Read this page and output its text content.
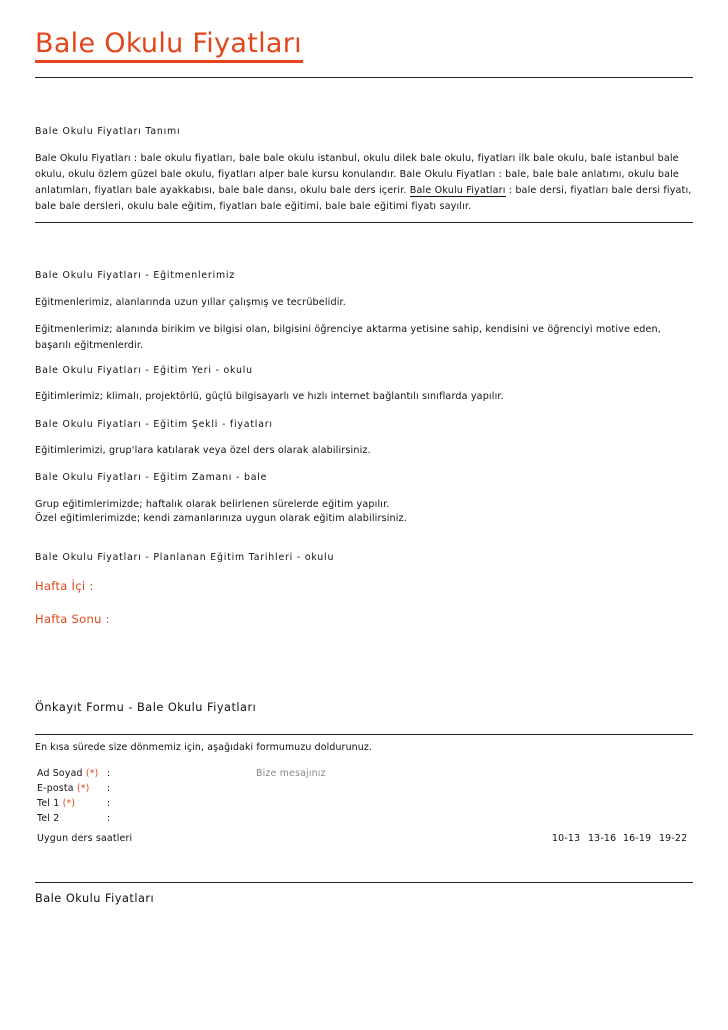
Bale Okulu Fiyatları
Bale Okulu Fiyatları Tanımı

Bale Okulu Fiyatları : bale okulu fiyatları, bale bale okulu istanbul, okulu dilek bale okulu, fiyatları ilk bale okulu, bale istanbul bale okulu, okulu özlem güzel bale okulu, fiyatları alper bale kursu konulandır. Bale Okulu Fiyatları : bale, bale bale anlatımı, okulu bale anlatımları, fiyatları bale ayakkabısı, bale bale dansı, okulu bale ders içerir. Bale Okulu Fiyatları : bale dersi, fiyatları bale dersi fiyatı, bale bale dersleri, okulu bale eğitim, fiyatları bale eğitimi, bale bale eğitimi fiyatı sayılır.

Bale Okulu Fiyatları - Eğitmenlerimiz

Eğitmenlerimiz, alanlarında uzun yıllar çalışmış ve tecrübelidir.

Eğitmenlerimiz; alanında birikim ve bilgisi olan, bilgisini öğrenciye aktarma yetisine sahip, kendisini ve öğrenciyi motive eden, başarılı eğitmenlerdir.

Bale Okulu Fiyatları - Eğitim Yeri - okulu

Eğitimlerimiz; klimalı, projektörlü, güçlü bilgisayarlı ve hızlı internet bağlantılı sınıflarda yapılır.

Bale Okulu Fiyatları - Eğitim Şekli - fiyatları

Eğitimlerimizi, grup'lara katılarak veya özel ders olarak alabilirsiniz.

Bale Okulu Fiyatları - Eğitim Zamanı - bale

Grup eğitimlerimizde; haftalık olarak belirlenen sürelerde eğitim yapılır.

Özel eğitimlerimizde; kendi zamanlarınıza uygun olarak eğitim alabilirsiniz.

Bale Okulu Fiyatları - Planlanan Eğitim Tarihleri - okulu
Hafta İçi :
Hafta Sonu :
Önkayıt Formu - Bale Okulu Fiyatları

En kısa sürede size dönmemiz için, aşağıdaki formumuzu doldurunuz.

Ad Soyad (*) :
E-posta (*)	:
Tel 1 (*)	:
Tel 2	:
Bize mesajınız
Uygun ders saatleri	10-13 13-16 16-19 19-22
Bale Okulu Fiyatları
